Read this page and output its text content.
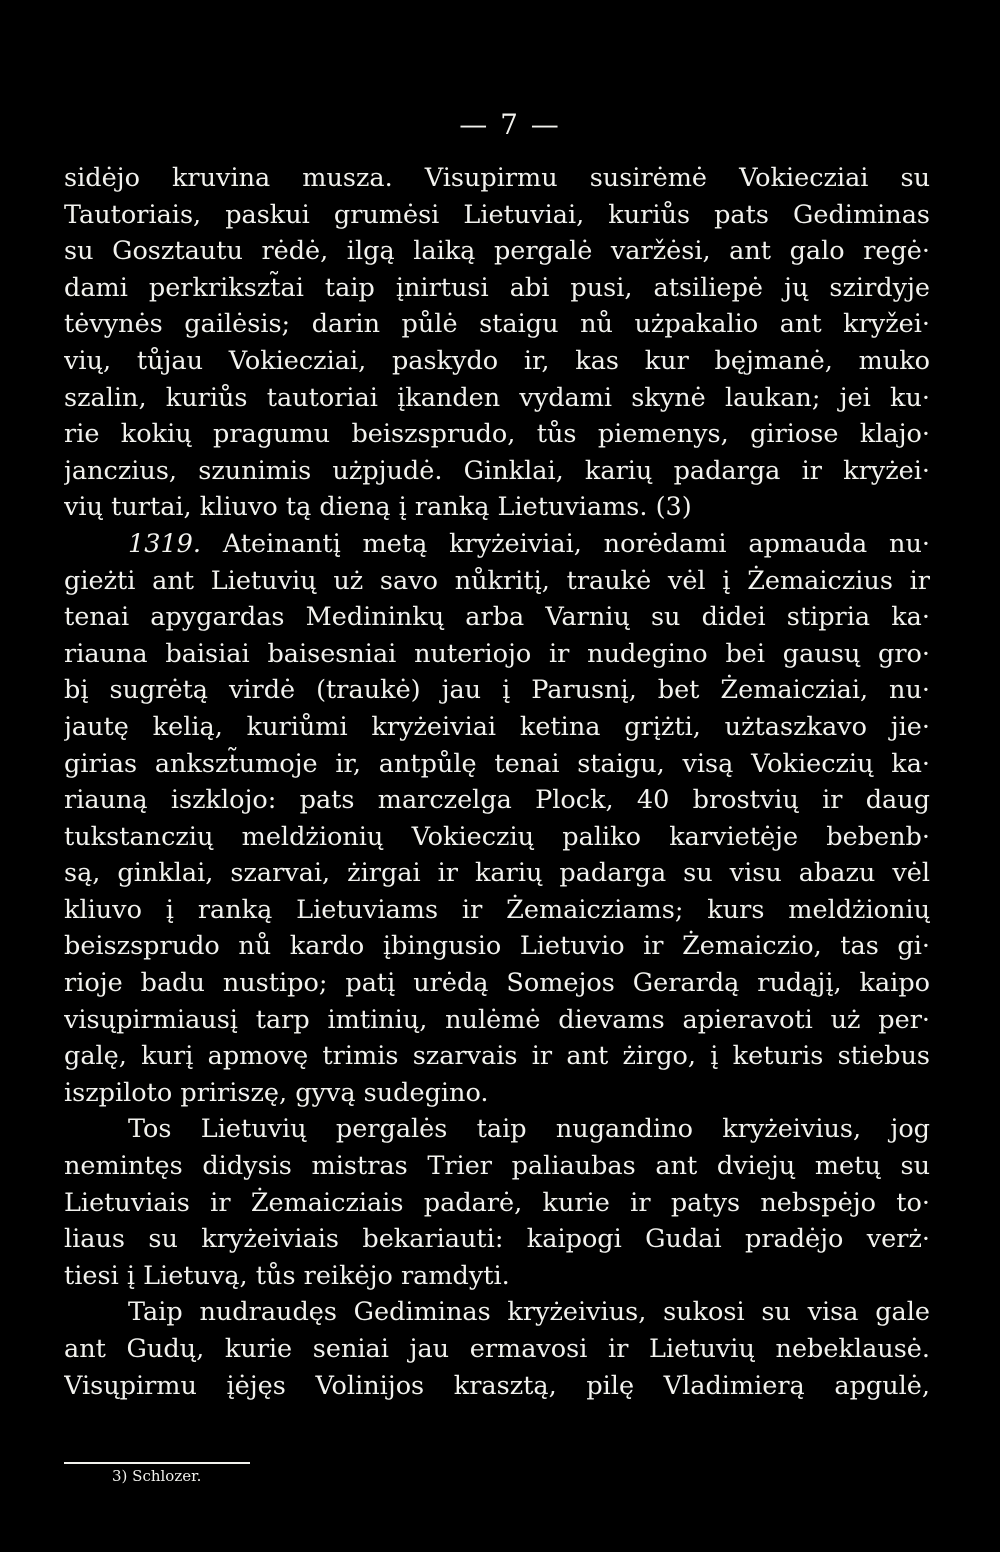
— 7 —
sidėjo kruvina musza. Visupirmu susirėmė Vokiecziai su
Tautoriais, paskui grumėsi Lietuviai, kuriůs pats Gediminas
su Gosztautu rėdė, ilgą laiką pergalė varžėsi, ant galo regė·
dami perkrikszt̃ai taip įnirtusi abi pusi, atsiliepė jų szirdyje
tėvynės gailėsis; darin půlė staigu nů użpakalio ant kryžei·
vių, tůjau Vokiecziai, paskydo ir, kas kur bęjmanė, muko
szalin, kuriůs tautoriai įkanden vydami skynė laukan; jei ku·
rie kokių pragumu beiszsprudo, tůs piemenys, giriose klajo·
janczius, szunimis użpjudė. Ginklai, karių padarga ir kryżei·
vių turtai, kliuvo tą dieną į ranką Lietuviams. (3)
1319. Ateinantį metą kryżeiviai, norėdami apmauda nu·
gieżti ant Lietuvių uż savo nůkritį, traukė vėl į Żemaiczius ir
tenai apygardas Medininkų arba Varnių su didei stipria ka·
riauna baisiai baisesniai nuteriojo ir nudegino bei gausų gro·
bį sugrėtą virdė (traukė) jau į Parusnį, bet Żemaicziai, nu·
jautę kelią, kuriůmi kryżeiviai ketina grįżti, użtaszkavo jie·
girias ankszt̃umoje ir, antpůlę tenai staigu, visą Vokieczių ka·
riauną iszklojo: pats marczelga Plock, 40 brostvių ir daug
tukstanczių meldżionių Vokieczių paliko karvietėje bebenb·
są, ginklai, szarvai, żirgai ir karių padarga su visu abazu vėl
kliuvo į ranką Lietuviams ir Żemaicziams; kurs meldżionių
beiszsprudo nů kardo įbingusio Lietuvio ir Żemaiczio, tas gi·
rioje badu nustipo; patį urėdą Somejos Gerardą rudąjį, kaipo
visųpirmiausį tarp imtinių, nulėmė dievams apieravoti uż per·
galę, kurį apmovę trimis szarvais ir ant żirgo, į keturis stiebus
iszpiloto pririszę, gyvą sudegino.
Tos Lietuvių pergalės taip nugandino kryżeivius, jog
nemintęs didysis mistras Trier paliaubas ant dviejų metų su
Lietuviais ir Żemaicziais padarė, kurie ir patys nebspėjo to·
liaus su kryżeiviais bekariauti: kaipogi Gudai pradėjo verż·
tiesi į Lietuvą, tůs reikėjo ramdyti.
Taip nudraudęs Gediminas kryżeivius, sukosi su visa gale
ant Gudų, kurie seniai jau ermavosi ir Lietuvių nebeklausė.
Visųpirmu įėjęs Volinijos krasztą, pilę Vladimierą apgulė,
3) Schlozer.
